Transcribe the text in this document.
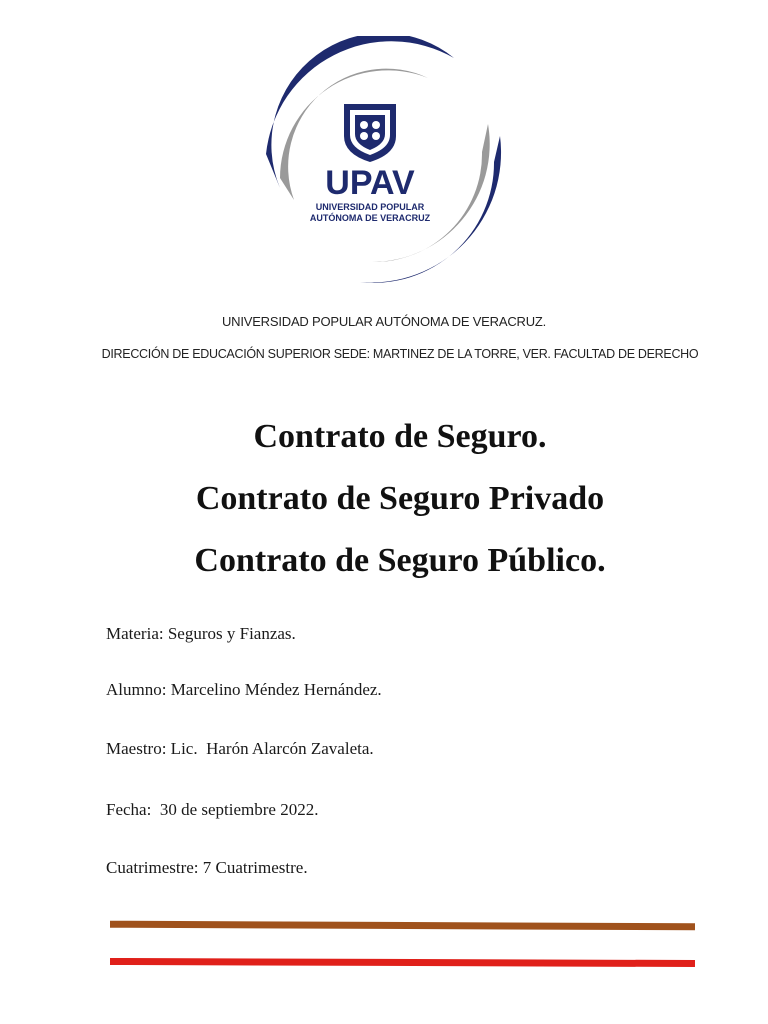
UPAV
UNIVERSIDAD POPULAR
AUTÓNOMA DE VERACRUZ
UNIVERSIDAD POPULAR AUTÓNOMA DE VERACRUZ.
DIRECCIÓN DE EDUCACIÓN SUPERIOR SEDE: MARTINEZ DE LA TORRE, VER. FACULTAD DE DERECHO
Contrato de Seguro.
Contrato de Seguro Privado
Contrato de Seguro Público.
Materia: Seguros y Fianzas.
Alumno: Marcelino Méndez Hernández.
Maestro: Lic.  Harón Alarcón Zavaleta.
Fecha:  30 de septiembre 2022.
Cuatrimestre: 7 Cuatrimestre.
